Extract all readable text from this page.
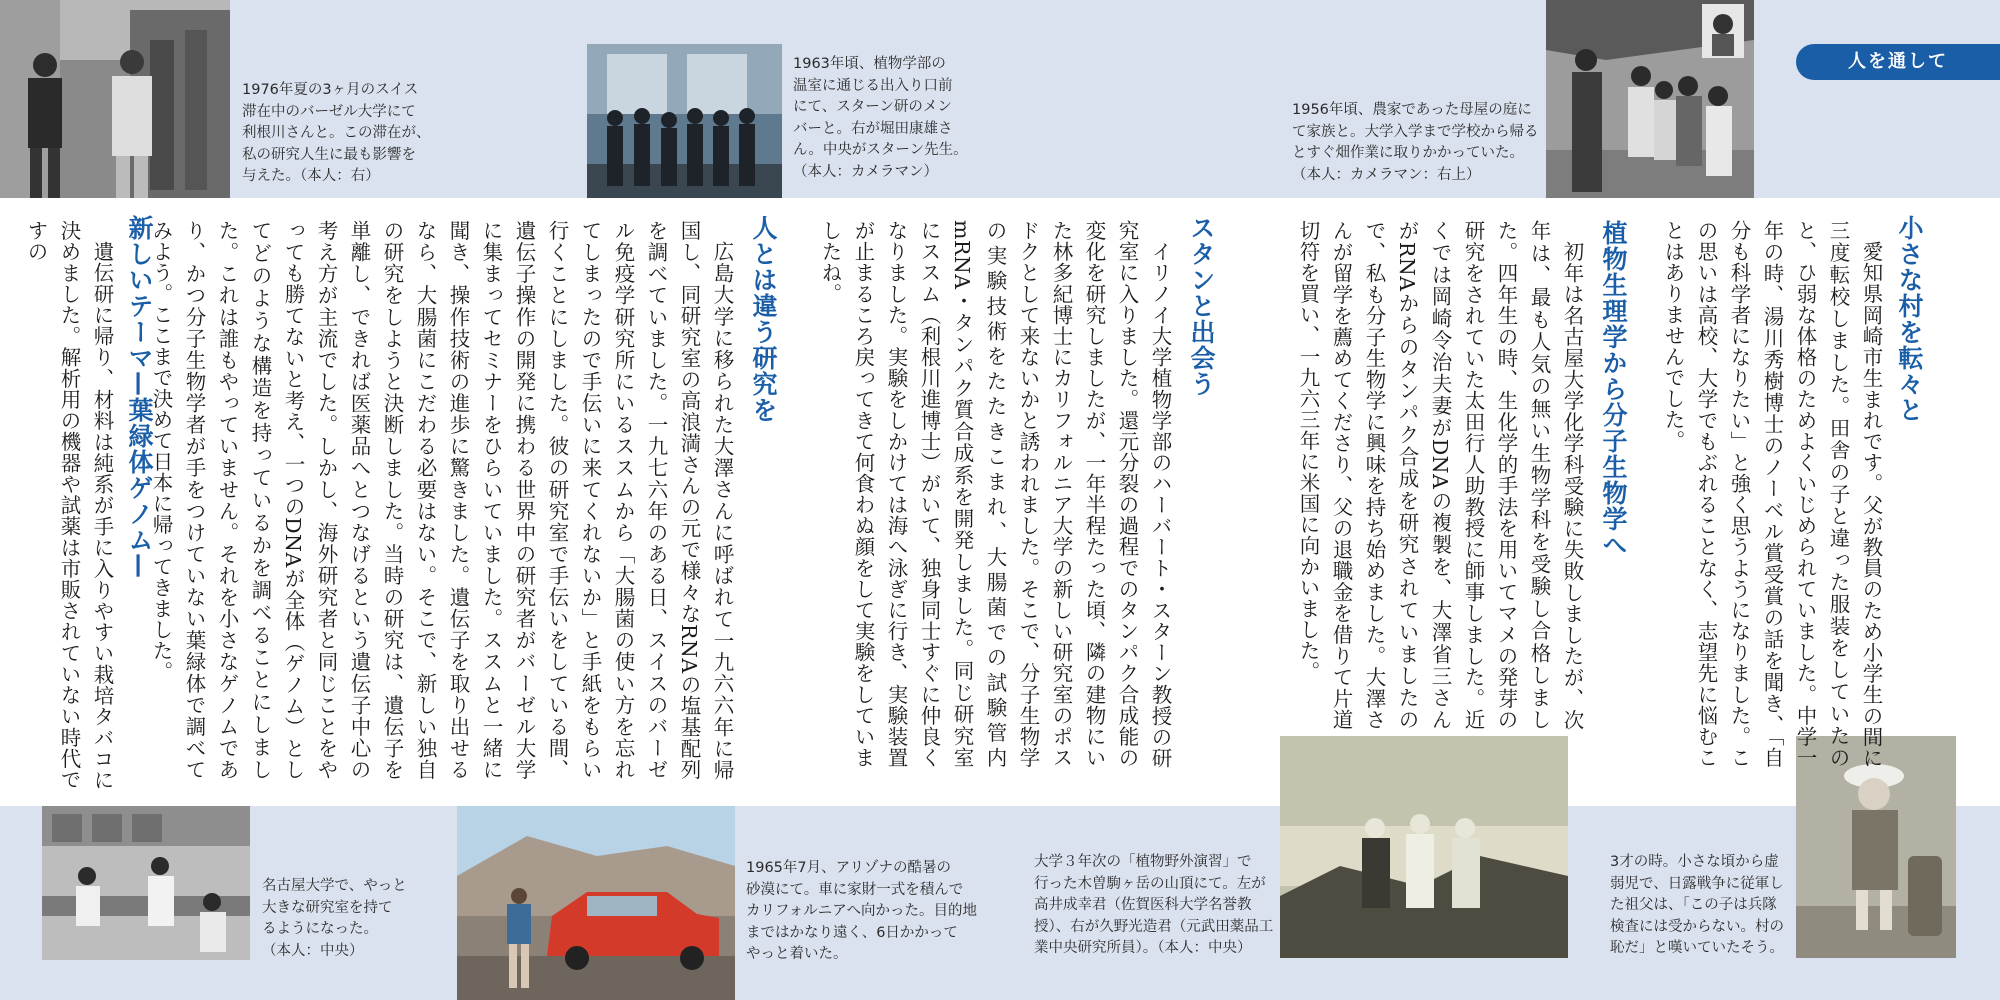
人を通して
1976年夏の3ヶ月のスイス
滞在中のバーゼル大学にて
利根川さんと。この滞在が、
私の研究人生に最も影響を
与えた。（本人：右）
1963年頃、植物学部の
温室に通じる出入り口前
にて、スターン研のメン
バーと。右が堀田康雄さ
ん。中央がスターン先生。
（本人：カメラマン）
1956年頃、農家であった母屋の庭に
て家族と。大学入学まで学校から帰る
とすぐ畑作業に取りかかっていた。
（本人：カメラマン：右上）
名古屋大学で、やっと
大きな研究室を持て
るようになった。
（本人：中央）
1965年7月、アリゾナの酷暑の
砂漠にて。車に家財一式を積んで
カリフォルニアへ向かった。目的地
まではかなり遠く、6日かかって
やっと着いた。
大学３年次の「植物野外演習」で
行った木曽駒ヶ岳の山頂にて。左が
高井成幸君（佐賀医科大学名誉教
授）、右が久野光造君（元武田薬品工
業中央研究所員）。（本人：中央）
3才の時。小さな頃から虚
弱児で、日露戦争に従軍し
た祖父は、「この子は兵隊
検査には受からない。村の
恥だ」と嘆いていたそう。
小さな村を転々と

愛知県岡崎市生まれです。父が教員のため小学生の間に三度転校しました。田舎の子と違った服装をしていたのと、ひ弱な体格のためよくいじめられていました。中学一年の時、湯川秀樹博士のノーベル賞受賞の話を聞き、「自分も科学者になりたい」と強く思うようになりました。この思いは高校、大学でもぶれることなく、志望先に悩むことはありませんでした。

植物生理学から分子生物学へ

初年は名古屋大学化学科受験に失敗しましたが、次年は、最も人気の無い生物学科を受験し合格しました。四年生の時、生化学的手法を用いてマメの発芽の研究をされていた太田行人助教授に師事しました。近くでは岡崎令治夫妻がDNAの複製を、大澤省三さんがRNAからのタンパク合成を研究されていましたので、私も分子生物学に興味を持ち始めました。大澤さんが留学を薦めてくださり、父の退職金を借りて片道切符を買い、一九六三年に米国に向かいました。

スタンと出会う

イリノイ大学植物学部のハーバート・スターン教授の研究室に入りました。還元分裂の過程でのタンパク合成能の変化を研究しましたが、一年半程たった頃、隣の建物にいた林多紀博士にカリフォルニア大学の新しい研究室のポスドクとして来ないかと誘われました。そこで、分子生物学の実験技術をたたきこまれ、大腸菌での試験管内mRNA・タンパク質合成系を開発しました。同じ研究室にススム（利根川進博士）がいて、独身同士すぐに仲良くなりました。実験をしかけては海へ泳ぎに行き、実験装置が止まるころ戻ってきて何食わぬ顔をして実験をしていましたね。

人とは違う研究を

広島大学に移られた大澤さんに呼ばれて一九六六年に帰国し、同研究室の高浪満さんの元で様々なRNAの塩基配列を調べていました。一九七六年のある日、スイスのバーゼル免疫学研究所にいるススムから「大腸菌の使い方を忘れてしまったので手伝いに来てくれないか」と手紙をもらい行くことにしました。彼の研究室で手伝いをしている間、遺伝子操作の開発に携わる世界中の研究者がバーゼル大学に集まってセミナーをひらいていました。ススムと一緒に聞き、操作技術の進歩に驚きました。遺伝子を取り出せるなら、大腸菌にこだわる必要はない。そこで、新しい独自の研究をしようと決断しました。当時の研究は、遺伝子を単離し、できれば医薬品へとつなげるという遺伝子中心の考え方が主流でした。しかし、海外研究者と同じことをやっても勝てないと考え、一つのDNAが全体（ゲノム）としてどのような構造を持っているかを調べることにしました。これは誰もやっていません。それを小さなゲノムであり、かつ分子生物学者が手をつけていない葉緑体で調べてみよう。ここまで決めて日本に帰ってきました。

新しいテーマ—葉緑体ゲノム—

遺伝研に帰り、材料は純系が手に入りやすい栽培タバコに決めました。解析用の機器や試薬は市販されていない時代ですの
